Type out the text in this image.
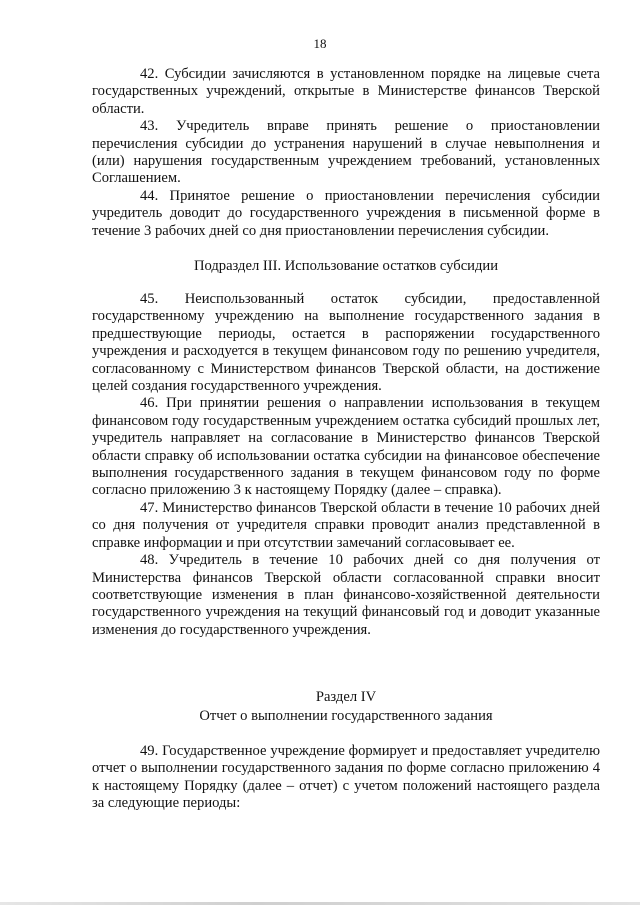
18

42. Субсидии зачисляются в установленном порядке на лицевые счета государственных учреждений, открытые в Министерстве финансов Тверской области.

43. Учредитель вправе принять решение о приостановлении перечисления субсидии до устранения нарушений в случае невыполнения и (или) нарушения государственным учреждением требований, установленных Соглашением.

44. Принятое решение о приостановлении перечисления субсидии учредитель доводит до государственного учреждения в письменной форме в течение 3 рабочих дней со дня приостановлении перечисления субсидии.

Подраздел III. Использование остатков субсидии

45. Неиспользованный остаток субсидии, предоставленной государственному учреждению на выполнение государственного задания в предшествующие периоды, остается в распоряжении государственного учреждения и расходуется в текущем финансовом году по решению учредителя, согласованному с Министерством финансов Тверской области, на достижение целей создания государственного учреждения.

46. При принятии решения о направлении использования в текущем финансовом году государственным учреждением остатка субсидий прошлых лет, учредитель направляет на согласование в Министерство финансов Тверской области справку об использовании остатка субсидии на финансовое обеспечение выполнения государственного задания в текущем финансовом году по форме согласно приложению 3 к настоящему Порядку (далее – справка).

47. Министерство финансов Тверской области в течение 10 рабочих дней со дня получения от учредителя справки проводит анализ представленной в справке информации и при отсутствии замечаний согласовывает ее.

48. Учредитель в течение 10 рабочих дней со дня получения от Министерства финансов Тверской области согласованной справки вносит соответствующие изменения в план финансово-хозяйственной деятельности государственного учреждения на текущий финансовый год и доводит указанные изменения до государственного учреждения.

Раздел IV

Отчет о выполнении государственного задания

49. Государственное учреждение формирует и предоставляет учредителю отчет о выполнении государственного задания по форме согласно приложению 4 к настоящему Порядку (далее – отчет) с учетом положений настоящего раздела за следующие периоды:
